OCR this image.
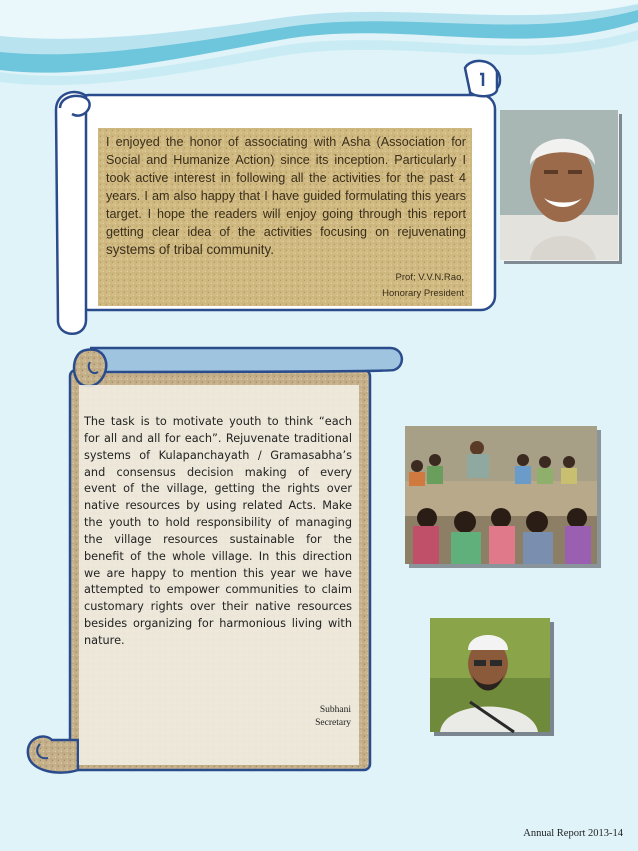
I enjoyed the honor of associating with Asha (Association for Social and Humanize Action) since its inception. Particularly I took active interest in following all the activities for the past 4 years. I am also happy that I have guided formulating this years target. I hope the readers will enjoy going through this report getting clear idea of the activities focusing on rejuvenating systems of tribal community.
Prof; V.V.N.Rao,
Honorary President
The task is to motivate youth to think “each for all and all for each”. Rejuvenate traditional systems of Kulapanchayath / Gramasabha’s and consensus decision making of every event of the village, getting the rights over native resources by using related Acts. Make the youth to hold responsibility of managing the village resources sustainable for the benefit of the whole village. In this direction we are happy to mention this year we have attempted to empower communities to claim customary rights over their native resources besides organizing for harmonious living with nature.
Subhani
Secretary
Annual Report 2013-14
